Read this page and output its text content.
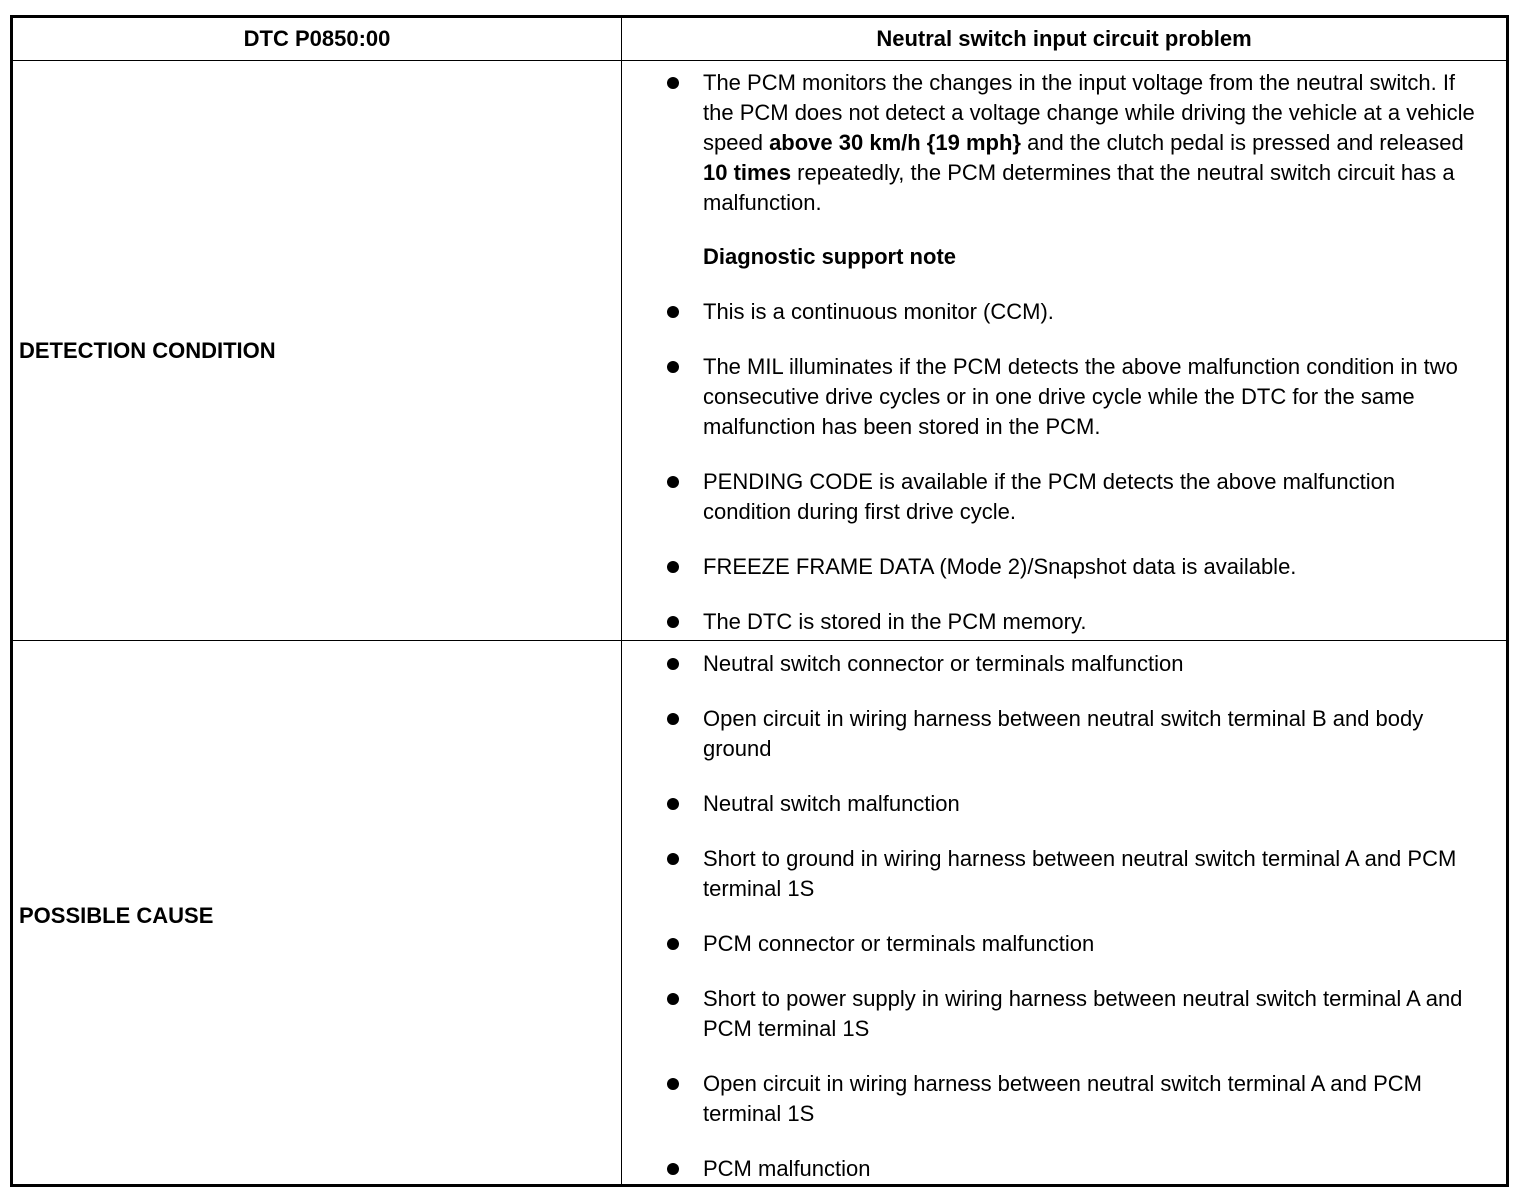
DTC P0850:00	Neutral switch input circuit problem
DETECTION CONDITION
The PCM monitors the changes in the input voltage from the neutral switch. If the PCM does not detect a voltage change while driving the vehicle at a vehicle speed above 30 km/h {19 mph} and the clutch pedal is pressed and released 10 times repeatedly, the PCM determines that the neutral switch circuit has a malfunction.
Diagnostic support note
This is a continuous monitor (CCM).
The MIL illuminates if the PCM detects the above malfunction condition in two consecutive drive cycles or in one drive cycle while the DTC for the same malfunction has been stored in the PCM.
PENDING CODE is available if the PCM detects the above malfunction condition during first drive cycle.
FREEZE FRAME DATA (Mode 2)/Snapshot data is available.
The DTC is stored in the PCM memory.
POSSIBLE CAUSE
Neutral switch connector or terminals malfunction
Open circuit in wiring harness between neutral switch terminal B and body ground
Neutral switch malfunction
Short to ground in wiring harness between neutral switch terminal A and PCM terminal 1S
PCM connector or terminals malfunction
Short to power supply in wiring harness between neutral switch terminal A and PCM terminal 1S
Open circuit in wiring harness between neutral switch terminal A and PCM terminal 1S
PCM malfunction
